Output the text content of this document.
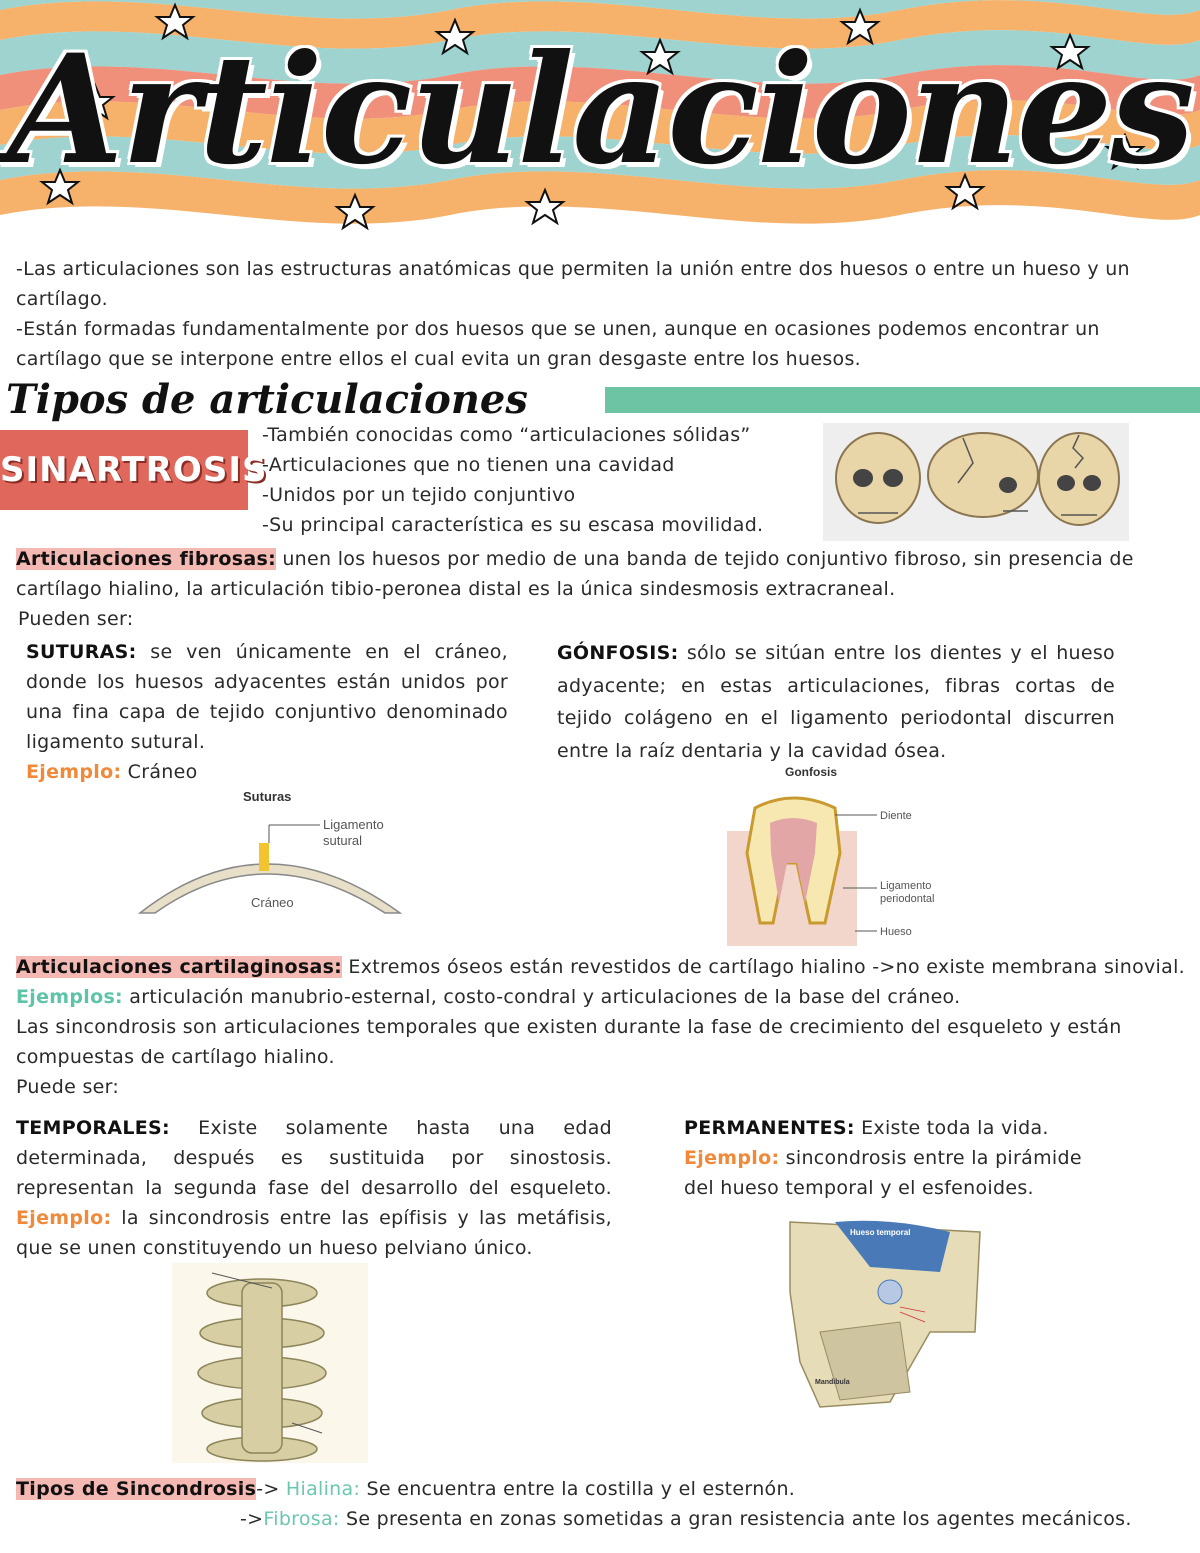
Articulaciones
-Las articulaciones son las estructuras anatómicas que permiten la unión entre dos huesos o entre un hueso y un cartílago.
-Están formadas fundamentalmente por dos huesos que se unen, aunque en ocasiones podemos encontrar un cartílago que se interpone entre ellos el cual evita un gran desgaste entre los huesos.
Tipos de articulaciones
SINARTROSIS
-También conocidas como “articulaciones sólidas”
-Articulaciones que no tienen una cavidad
-Unidos por un tejido conjuntivo
-Su principal característica es su escasa movilidad.
Articulaciones fibrosas: unen los huesos por medio de una banda de tejido conjuntivo fibroso, sin presencia de cartílago hialino, la articulación tibio-peronea distal es la única sindesmosis extracraneal.
Pueden ser:
SUTURAS: se ven únicamente en el cráneo, donde los huesos adyacentes están unidos por una fina capa de tejido conjuntivo denominado ligamento sutural.
Ejemplo: Cráneo
GÓNFOSIS: sólo se sitúan entre los dientes y el hueso adyacente; en estas articulaciones, fibras cortas de tejido colágeno en el ligamento periodontal discurren entre la raíz dentaria y la cavidad ósea.
Suturas
Ligamento
sutural
Cráneo
Gonfosis
Diente
Ligamento
periodontal
Hueso
Articulaciones cartilaginosas: Extremos óseos están revestidos de cartílago hialino ->no existe membrana sinovial.
Ejemplos: articulación manubrio-esternal, costo-condral y articulaciones de la base del cráneo.
Las sincondrosis son articulaciones temporales que existen durante la fase de crecimiento del esqueleto y están compuestas de cartílago hialino.
Puede ser:
TEMPORALES: Existe solamente hasta una edad determinada, después es sustituida por sinostosis. representan la segunda fase del desarrollo del esqueleto. Ejemplo: la sincondrosis entre las epífisis y las metáfisis, que se unen constituyendo un hueso pelviano único.
PERMANENTES: Existe toda la vida.
Ejemplo: sincondrosis entre la pirámide del hueso temporal y el esfenoides.
Hueso temporal
Mandíbula
Tipos de Sincondrosis-> Hialina: Se encuentra entre la costilla y el esternón.
->Fibrosa: Se presenta en zonas sometidas a gran resistencia ante los agentes mecánicos.
